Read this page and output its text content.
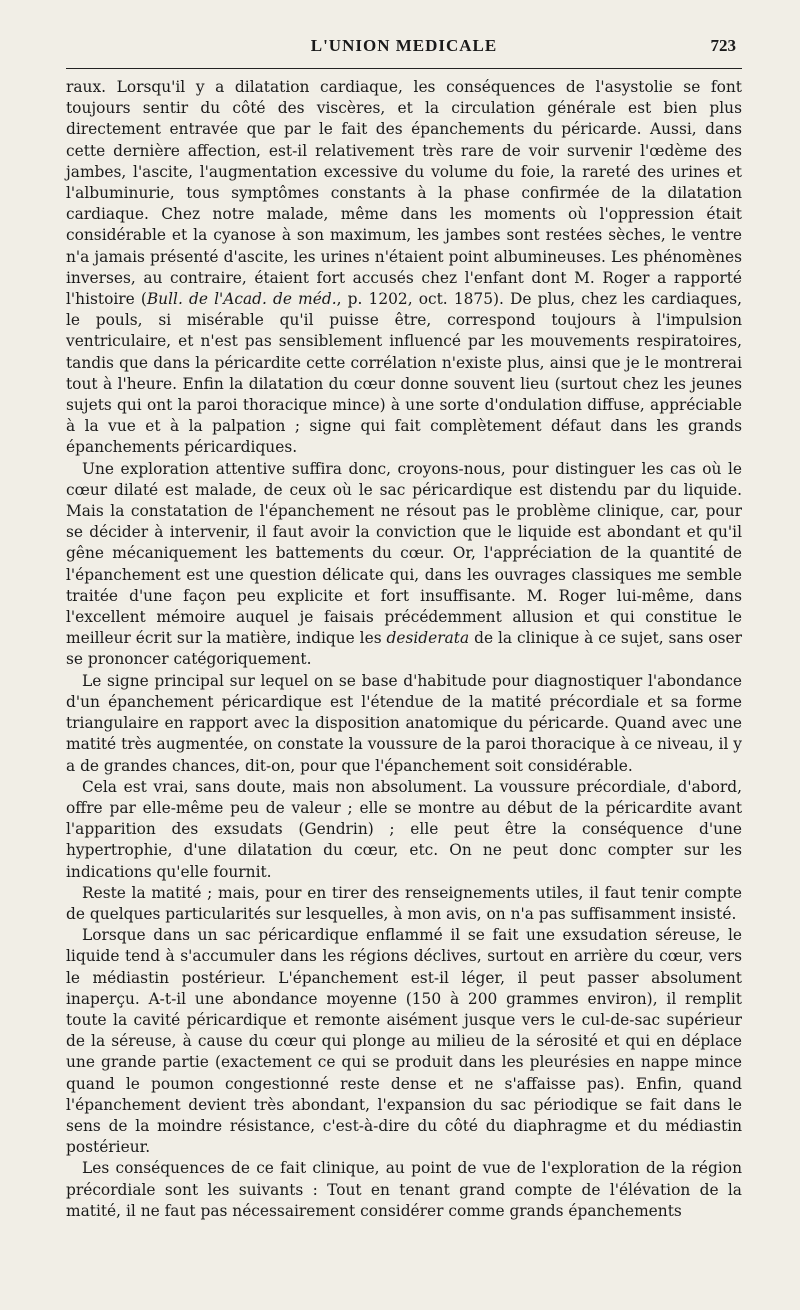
L'UNION MEDICALE	723

raux. Lorsqu'il y a dilatation cardiaque, les conséquences de l'asystolie se font toujours sentir du côté des viscères, et la circulation générale est bien plus directement entravée que par le fait des épanchements du péricarde. Aussi, dans cette dernière affection, est-il relativement très rare de voir survenir l'œdème des jambes, l'ascite, l'augmentation excessive du volume du foie, la rareté des urines et l'albuminurie, tous symptômes constants à la phase confirmée de la dilatation cardiaque. Chez notre malade, même dans les moments où l'oppression était considérable et la cyanose à son maximum, les jambes sont restées sèches, le ventre n'a jamais présenté d'ascite, les urines n'étaient point albumineuses. Les phénomènes inverses, au contraire, étaient fort accusés chez l'enfant dont M. Roger a rapporté l'histoire (Bull. de l'Acad. de méd., p. 1202, oct. 1875). De plus, chez les cardiaques, le pouls, si misérable qu'il puisse être, correspond toujours à l'impulsion ventriculaire, et n'est pas sensiblement influencé par les mouvements respiratoires, tandis que dans la péricardite cette corrélation n'existe plus, ainsi que je le montrerai tout à l'heure. Enfin la dilatation du cœur donne souvent lieu (surtout chez les jeunes sujets qui ont la paroi thoracique mince) à une sorte d'ondulation diffuse, appréciable à la vue et à la palpation ; signe qui fait complètement défaut dans les grands épanchements péricardiques.

Une exploration attentive suffira donc, croyons-nous, pour distinguer les cas où le cœur dilaté est malade, de ceux où le sac péricardique est distendu par du liquide. Mais la constatation de l'épanchement ne résout pas le problème clinique, car, pour se décider à intervenir, il faut avoir la conviction que le liquide est abondant et qu'il gêne mécaniquement les battements du cœur. Or, l'appréciation de la quantité de l'épanchement est une question délicate qui, dans les ouvrages classiques me semble traitée d'une façon peu explicite et fort insuffisante. M. Roger lui-même, dans l'excellent mémoire auquel je faisais précédemment allusion et qui constitue le meilleur écrit sur la matière, indique les desiderata de la clinique à ce sujet, sans oser se prononcer catégoriquement.

Le signe principal sur lequel on se base d'habitude pour diagnostiquer l'abondance d'un épanchement péricardique est l'étendue de la matité précordiale et sa forme triangulaire en rapport avec la disposition anatomique du péricarde. Quand avec une matité très augmentée, on constate la voussure de la paroi thoracique à ce niveau, il y a de grandes chances, dit-on, pour que l'épanchement soit considérable.

Cela est vrai, sans doute, mais non absolument. La voussure précordiale, d'abord, offre par elle-même peu de valeur ; elle se montre au début de la péricardite avant l'apparition des exsudats (Gendrin) ; elle peut être la conséquence d'une hypertrophie, d'une dilatation du cœur, etc. On ne peut donc compter sur les indications qu'elle fournit.

Reste la matité ; mais, pour en tirer des renseignements utiles, il faut tenir compte de quelques particularités sur lesquelles, à mon avis, on n'a pas suffisamment insisté.

Lorsque dans un sac péricardique enflammé il se fait une exsudation séreuse, le liquide tend à s'accumuler dans les régions déclives, surtout en arrière du cœur, vers le médiastin postérieur. L'épanchement est-il léger, il peut passer absolument inaperçu. A-t-il une abondance moyenne (150 à 200 grammes environ), il remplit toute la cavité péricardique et remonte aisément jusque vers le cul-de-sac supérieur de la séreuse, à cause du cœur qui plonge au milieu de la sérosité et qui en déplace une grande partie (exactement ce qui se produit dans les pleurésies en nappe mince quand le poumon congestionné reste dense et ne s'affaisse pas). Enfin, quand l'épanchement devient très abondant, l'expansion du sac périodique se fait dans le sens de la moindre résistance, c'est-à-dire du côté du diaphragme et du médiastin postérieur.

Les conséquences de ce fait clinique, au point de vue de l'exploration de la région précordiale sont les suivants : Tout en tenant grand compte de l'élévation de la matité, il ne faut pas nécessairement considérer comme grands épanchements
